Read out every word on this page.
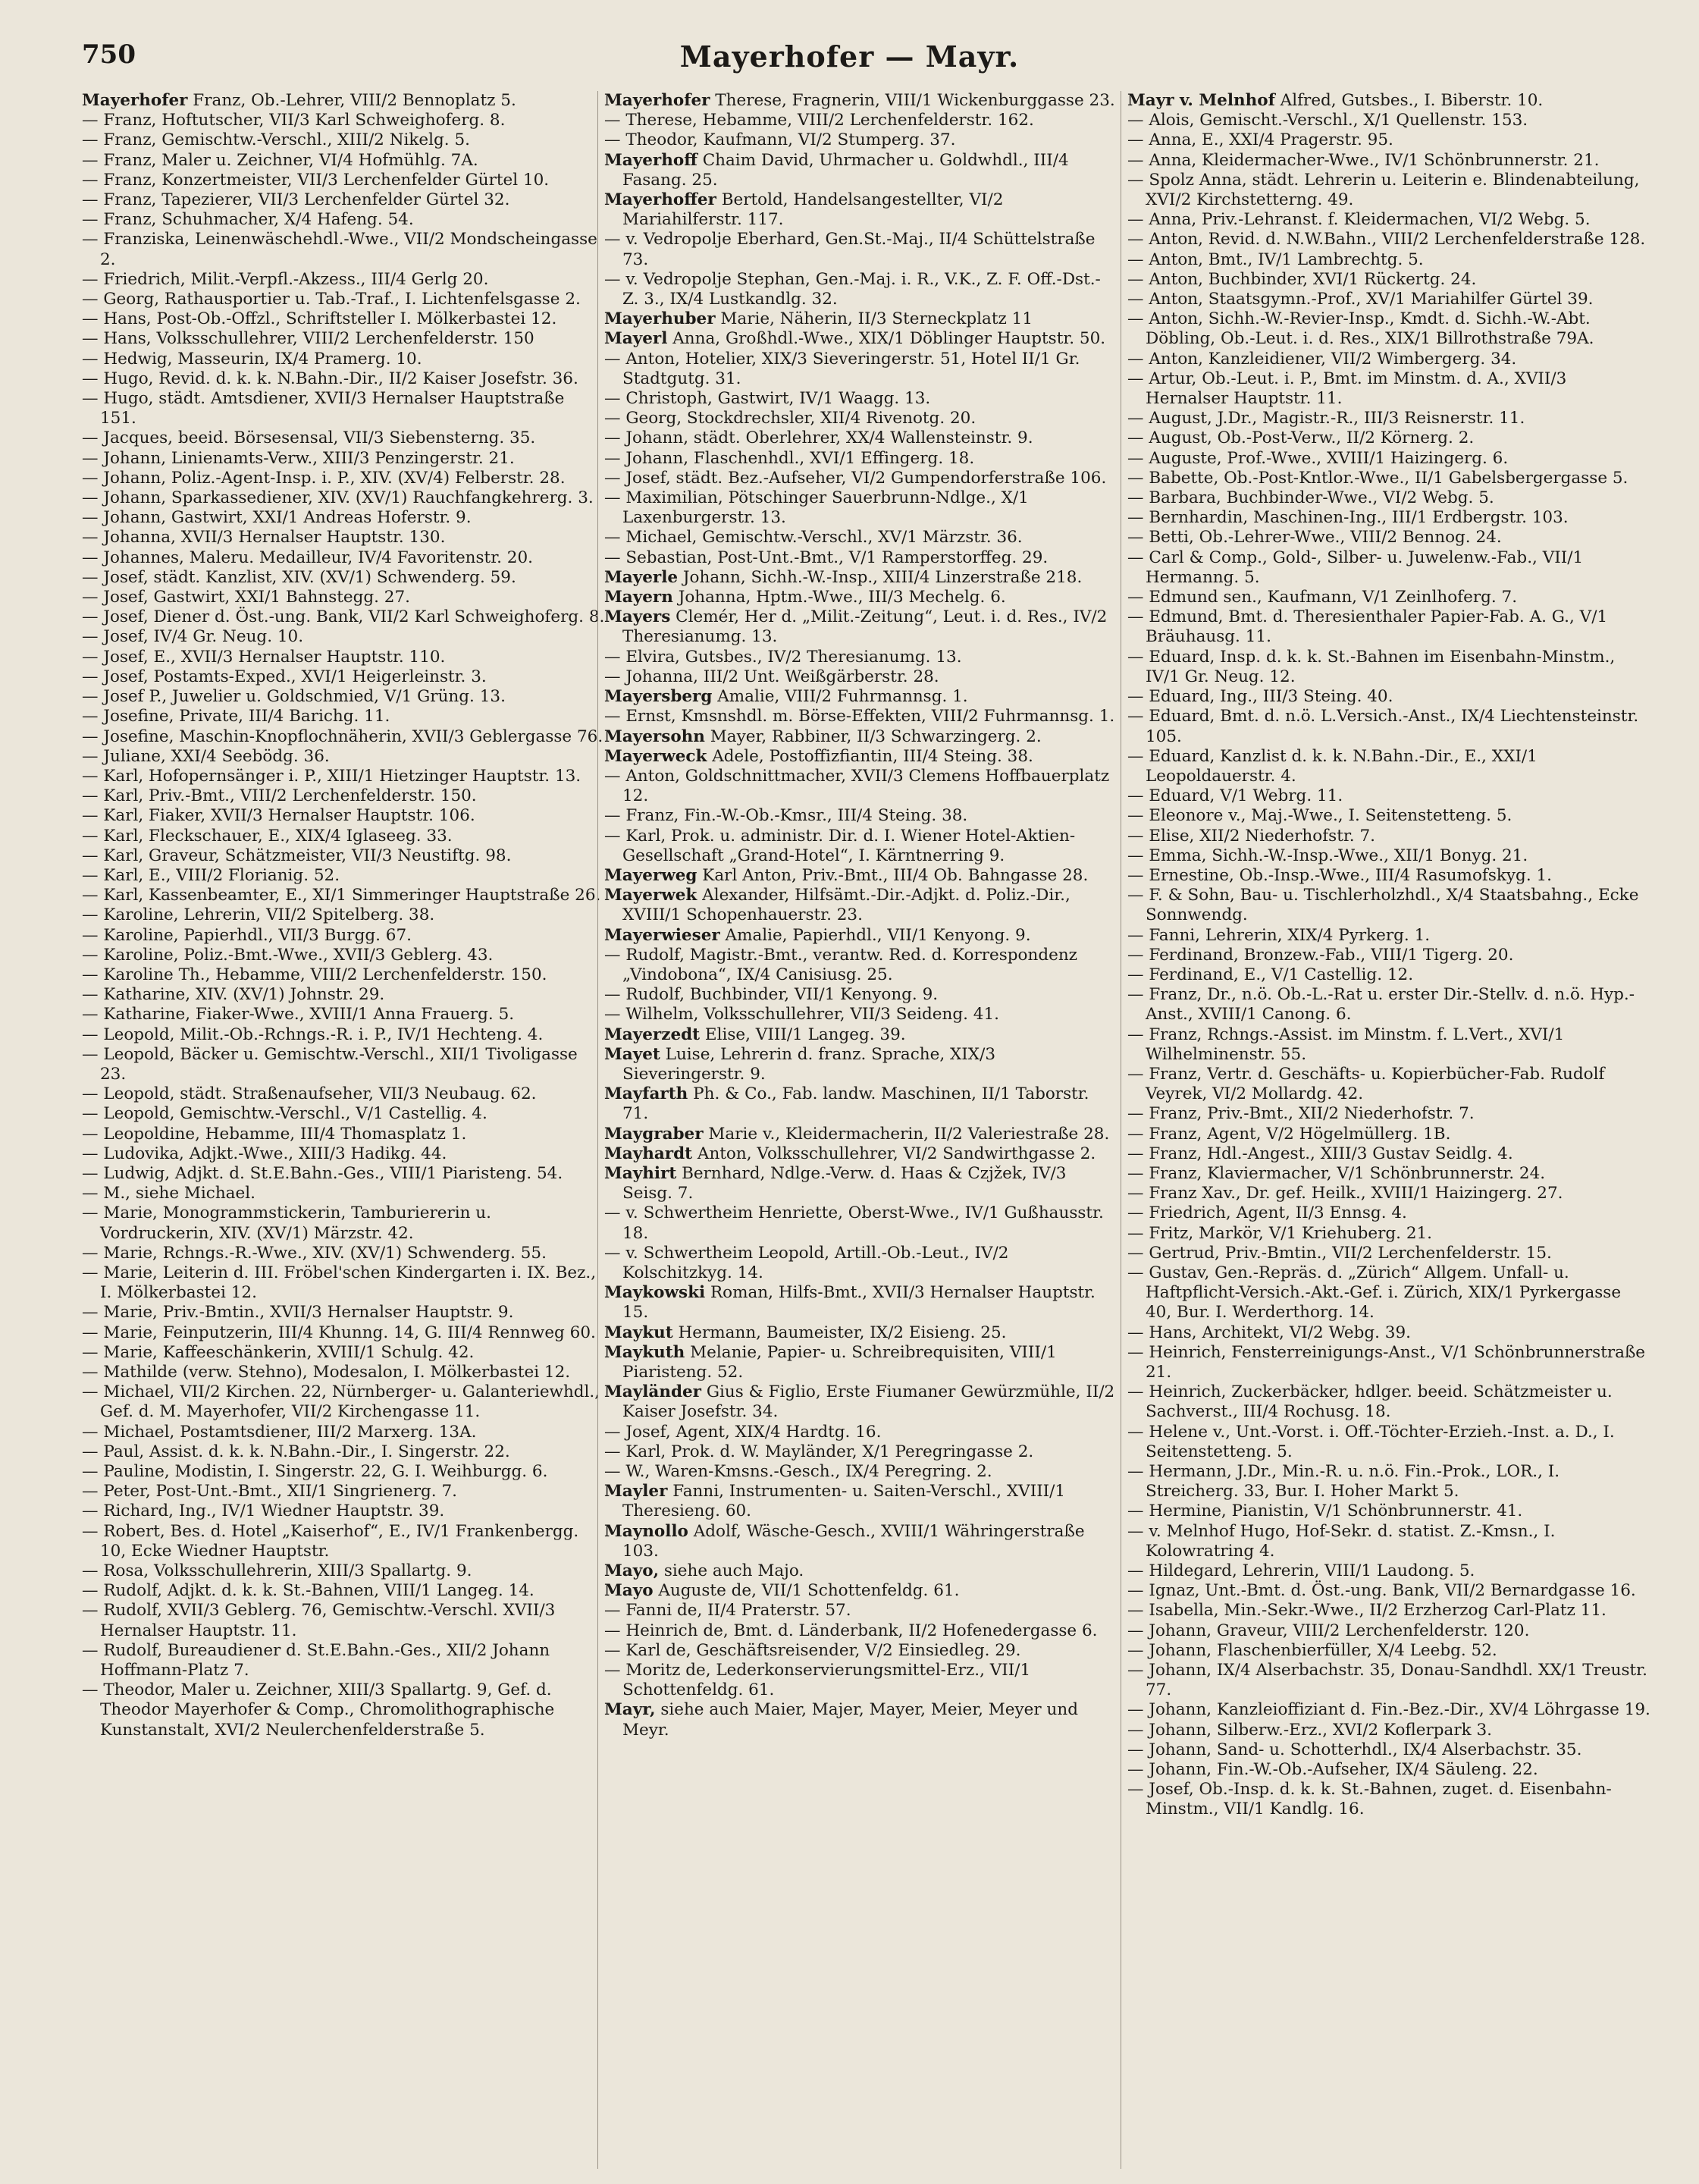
750	Mayerhofer — Mayr.
Mayerhofer Franz, Ob.-Lehrer, VIII/2 Bennoplatz 5.
— Franz, Hoftutscher, VII/3 Karl Schweighoferg. 8.
— Franz, Gemischtw.-Verschl., XIII/2 Nikelg. 5.
— Franz, Maler u. Zeichner, VI/4 Hofmühlg. 7A.
— Franz, Konzertmeister, VII/3 Lerchenfelder Gürtel 10.
— Franz, Tapezierer, VII/3 Lerchenfelder Gürtel 32.
— Franz, Schuhmacher, X/4 Hafeng. 54.
— Franziska, Leinenwäschehdl.-Wwe., VII/2 Mondscheingasse 2.
— Friedrich, Milit.-Verpfl.-Akzess., III/4 Gerlg 20.
— Georg, Rathausportier u. Tab.-Traf., I. Lichtenfelsgasse 2.
— Hans, Post-Ob.-Offzl., Schriftsteller I. Mölkerbastei 12.
— Hans, Volksschullehrer, VIII/2 Lerchenfelderstr. 150
— Hedwig, Masseurin, IX/4 Pramerg. 10.
— Hugo, Revid. d. k. k. N.Bahn.-Dir., II/2 Kaiser Josefstr. 36.
— Hugo, städt. Amtsdiener, XVII/3 Hernalser Hauptstraße 151.
— Jacques, beeid. Börsesensal, VII/3 Siebensterng. 35.
— Johann, Linienamts-Verw., XIII/3 Penzingerstr. 21.
— Johann, Poliz.-Agent-Insp. i. P., XIV. (XV/4) Felberstr. 28.
— Johann, Sparkassediener, XIV. (XV/1) Rauchfangkehrerg. 3.
— Johann, Gastwirt, XXI/1 Andreas Hoferstr. 9.
— Johanna, XVII/3 Hernalser Hauptstr. 130.
— Johannes, Maleru. Medailleur, IV/4 Favoritenstr. 20.
— Josef, städt. Kanzlist, XIV. (XV/1) Schwenderg. 59.
— Josef, Gastwirt, XXI/1 Bahnstegg. 27.
— Josef, Diener d. Öst.-ung. Bank, VII/2 Karl Schweighoferg. 8.
— Josef, IV/4 Gr. Neug. 10.
— Josef, E., XVII/3 Hernalser Hauptstr. 110.
— Josef, Postamts-Exped., XVI/1 Heigerleinstr. 3.
— Josef P., Juwelier u. Goldschmied, V/1 Grüng. 13.
— Josefine, Private, III/4 Barichg. 11.
— Josefine, Maschin-Knopflochnäherin, XVII/3 Geblergasse 76.
— Juliane, XXI/4 Seebödg. 36.
— Karl, Hofopernsänger i. P., XIII/1 Hietzinger Hauptstr. 13.
— Karl, Priv.-Bmt., VIII/2 Lerchenfelderstr. 150.
— Karl, Fiaker, XVII/3 Hernalser Hauptstr. 106.
— Karl, Fleckschauer, E., XIX/4 Iglaseeg. 33.
— Karl, Graveur, Schätzmeister, VII/3 Neustiftg. 98.
— Karl, E., VIII/2 Florianig. 52.
— Karl, Kassenbeamter, E., XI/1 Simmeringer Hauptstraße 26.
— Karoline, Lehrerin, VII/2 Spitelberg. 38.
— Karoline, Papierhdl., VII/3 Burgg. 67.
— Karoline, Poliz.-Bmt.-Wwe., XVII/3 Geblerg. 43.
— Karoline Th., Hebamme, VIII/2 Lerchenfelderstr. 150.
— Katharine, XIV. (XV/1) Johnstr. 29.
— Katharine, Fiaker-Wwe., XVIII/1 Anna Frauerg. 5.
— Leopold, Milit.-Ob.-Rchngs.-R. i. P., IV/1 Hechteng. 4.
— Leopold, Bäcker u. Gemischtw.-Verschl., XII/1 Tivoligasse 23.
— Leopold, städt. Straßenaufseher, VII/3 Neubaug. 62.
— Leopold, Gemischtw.-Verschl., V/1 Castellig. 4.
— Leopoldine, Hebamme, III/4 Thomasplatz 1.
— Ludovika, Adjkt.-Wwe., XIII/3 Hadikg. 44.
— Ludwig, Adjkt. d. St.E.Bahn.-Ges., VIII/1 Piaristeng. 54.
— M., siehe Michael.
— Marie, Monogrammstickerin, Tamburiererin u. Vordruckerin, XIV. (XV/1) Märzstr. 42.
— Marie, Rchngs.-R.-Wwe., XIV. (XV/1) Schwenderg. 55.
— Marie, Leiterin d. III. Fröbel'schen Kindergarten i. IX. Bez., I. Mölkerbastei 12.
— Marie, Priv.-Bmtin., XVII/3 Hernalser Hauptstr. 9.
— Marie, Feinputzerin, III/4 Khunng. 14, G. III/4 Rennweg 60.
— Marie, Kaffeeschänkerin, XVIII/1 Schulg. 42.
— Mathilde (verw. Stehno), Modesalon, I. Mölkerbastei 12.
— Michael, VII/2 Kirchen. 22, Nürnberger- u. Galanteriewhdl., Gef. d. M. Mayerhofer, VII/2 Kirchengasse 11.
— Michael, Postamtsdiener, III/2 Marxerg. 13A.
— Paul, Assist. d. k. k. N.Bahn.-Dir., I. Singerstr. 22.
— Pauline, Modistin, I. Singerstr. 22, G. I. Weihburgg. 6.
— Peter, Post-Unt.-Bmt., XII/1 Singrienerg. 7.
— Richard, Ing., IV/1 Wiedner Hauptstr. 39.
— Robert, Bes. d. Hotel „Kaiserhof“, E., IV/1 Frankenbergg. 10, Ecke Wiedner Hauptstr.
— Rosa, Volksschullehrerin, XIII/3 Spallartg. 9.
— Rudolf, Adjkt. d. k. k. St.-Bahnen, VIII/1 Langeg. 14.
— Rudolf, XVII/3 Geblerg. 76, Gemischtw.-Verschl. XVII/3 Hernalser Hauptstr. 11.
— Rudolf, Bureaudiener d. St.E.Bahn.-Ges., XII/2 Johann Hoffmann-Platz 7.
— Theodor, Maler u. Zeichner, XIII/3 Spallartg. 9, Gef. d. Theodor Mayerhofer & Comp., Chromolithographische Kunstanstalt, XVI/2 Neulerchenfelderstraße 5.
Mayerhofer Therese, Fragnerin, VIII/1 Wickenburggasse 23.
— Therese, Hebamme, VIII/2 Lerchenfelderstr. 162.
— Theodor, Kaufmann, VI/2 Stumperg. 37.
Mayerhoff Chaim David, Uhrmacher u. Goldwhdl., III/4 Fasang. 25.
Mayerhoffer Bertold, Handelsangestellter, VI/2 Mariahilferstr. 117.
— v. Vedropolje Eberhard, Gen.St.-Maj., II/4 Schüttelstraße 73.
— v. Vedropolje Stephan, Gen.-Maj. i. R., V.K., Z. F. Off.-Dst.-Z. 3., IX/4 Lustkandlg. 32.
Mayerhuber Marie, Näherin, II/3 Sterneckplatz 11
Mayerl Anna, Großhdl.-Wwe., XIX/1 Döblinger Hauptstr. 50.
— Anton, Hotelier, XIX/3 Sieveringerstr. 51, Hotel II/1 Gr. Stadtgutg. 31.
— Christoph, Gastwirt, IV/1 Waagg. 13.
— Georg, Stockdrechsler, XII/4 Rivenotg. 20.
— Johann, städt. Oberlehrer, XX/4 Wallensteinstr. 9.
— Johann, Flaschenhdl., XVI/1 Effingerg. 18.
— Josef, städt. Bez.-Aufseher, VI/2 Gumpendorferstraße 106.
— Maximilian, Pötschinger Sauerbrunn-Ndlge., X/1 Laxenburgerstr. 13.
— Michael, Gemischtw.-Verschl., XV/1 Märzstr. 36.
— Sebastian, Post-Unt.-Bmt., V/1 Ramperstorffeg. 29.
Mayerle Johann, Sichh.-W.-Insp., XIII/4 Linzerstraße 218.
Mayern Johanna, Hptm.-Wwe., III/3 Mechelg. 6.
Mayers Clemér, Her d. „Milit.-Zeitung“, Leut. i. d. Res., IV/2 Theresianumg. 13.
— Elvira, Gutsbes., IV/2 Theresianumg. 13.
— Johanna, III/2 Unt. Weißgärberstr. 28.
Mayersberg Amalie, VIII/2 Fuhrmannsg. 1.
— Ernst, Kmsnshdl. m. Börse-Effekten, VIII/2 Fuhrmannsg. 1.
Mayersohn Mayer, Rabbiner, II/3 Schwarzingerg. 2.
Mayerweck Adele, Postoffizfiantin, III/4 Steing. 38.
— Anton, Goldschnittmacher, XVII/3 Clemens Hoffbauerplatz 12.
— Franz, Fin.-W.-Ob.-Kmsr., III/4 Steing. 38.
— Karl, Prok. u. administr. Dir. d. I. Wiener Hotel-Aktien-Gesellschaft „Grand-Hotel“, I. Kärntnerring 9.
Mayerweg Karl Anton, Priv.-Bmt., III/4 Ob. Bahngasse 28.
Mayerwek Alexander, Hilfsämt.-Dir.-Adjkt. d. Poliz.-Dir., XVIII/1 Schopenhauerstr. 23.
Mayerwieser Amalie, Papierhdl., VII/1 Kenyong. 9.
— Rudolf, Magistr.-Bmt., verantw. Red. d. Korrespondenz „Vindobona“, IX/4 Canisiusg. 25.
— Rudolf, Buchbinder, VII/1 Kenyong. 9.
— Wilhelm, Volksschullehrer, VII/3 Seideng. 41.
Mayerzedt Elise, VIII/1 Langeg. 39.
Mayet Luise, Lehrerin d. franz. Sprache, XIX/3 Sieveringerstr. 9.
Mayfarth Ph. & Co., Fab. landw. Maschinen, II/1 Taborstr. 71.
Maygraber Marie v., Kleidermacherin, II/2 Valeriestraße 28.
Mayhardt Anton, Volksschullehrer, VI/2 Sandwirthgasse 2.
Mayhirt Bernhard, Ndlge.-Verw. d. Haas & Czjžek, IV/3 Seisg. 7.
— v. Schwertheim Henriette, Oberst-Wwe., IV/1 Gußhausstr. 18.
— v. Schwertheim Leopold, Artill.-Ob.-Leut., IV/2 Kolschitzkyg. 14.
Maykowski Roman, Hilfs-Bmt., XVII/3 Hernalser Hauptstr. 15.
Maykut Hermann, Baumeister, IX/2 Eisieng. 25.
Maykuth Melanie, Papier- u. Schreibrequisiten, VIII/1 Piaristeng. 52.
Mayländer Gius & Figlio, Erste Fiumaner Gewürzmühle, II/2 Kaiser Josefstr. 34.
— Josef, Agent, XIX/4 Hardtg. 16.
— Karl, Prok. d. W. Mayländer, X/1 Peregringasse 2.
— W., Waren-Kmsns.-Gesch., IX/4 Peregring. 2.
Mayler Fanni, Instrumenten- u. Saiten-Verschl., XVIII/1 Theresieng. 60.
Maynollo Adolf, Wäsche-Gesch., XVIII/1 Währingerstraße 103.
Mayo, siehe auch Majo.
Mayo Auguste de, VII/1 Schottenfeldg. 61.
— Fanni de, II/4 Praterstr. 57.
— Heinrich de, Bmt. d. Länderbank, II/2 Hofenedergasse 6.
— Karl de, Geschäftsreisender, V/2 Einsiedleg. 29.
— Moritz de, Lederkonservierungsmittel-Erz., VII/1 Schottenfeldg. 61.
Mayr, siehe auch Maier, Majer, Mayer, Meier, Meyer und Meyr.
Mayr v. Melnhof Alfred, Gutsbes., I. Biberstr. 10.
— Alois, Gemischt.-Verschl., X/1 Quellenstr. 153.
— Anna, E., XXI/4 Pragerstr. 95.
— Anna, Kleidermacher-Wwe., IV/1 Schönbrunnerstr. 21.
— Spolz Anna, städt. Lehrerin u. Leiterin e. Blindenabteilung, XVI/2 Kirchstetterng. 49.
— Anna, Priv.-Lehranst. f. Kleidermachen, VI/2 Webg. 5.
— Anton, Revid. d. N.W.Bahn., VIII/2 Lerchenfelderstraße 128.
— Anton, Bmt., IV/1 Lambrechtg. 5.
— Anton, Buchbinder, XVI/1 Rückertg. 24.
— Anton, Staatsgymn.-Prof., XV/1 Mariahilfer Gürtel 39.
— Anton, Sichh.-W.-Revier-Insp., Kmdt. d. Sichh.-W.-Abt. Döbling, Ob.-Leut. i. d. Res., XIX/1 Billrothstraße 79A.
— Anton, Kanzleidiener, VII/2 Wimbergerg. 34.
— Artur, Ob.-Leut. i. P., Bmt. im Minstm. d. A., XVII/3 Hernalser Hauptstr. 11.
— August, J.Dr., Magistr.-R., III/3 Reisnerstr. 11.
— August, Ob.-Post-Verw., II/2 Körnerg. 2.
— Auguste, Prof.-Wwe., XVIII/1 Haizingerg. 6.
— Babette, Ob.-Post-Kntlor.-Wwe., II/1 Gabelsbergergasse 5.
— Barbara, Buchbinder-Wwe., VI/2 Webg. 5.
— Bernhardin, Maschinen-Ing., III/1 Erdbergstr. 103.
— Betti, Ob.-Lehrer-Wwe., VIII/2 Bennog. 24.
— Carl & Comp., Gold-, Silber- u. Juwelenw.-Fab., VII/1 Hermanng. 5.
— Edmund sen., Kaufmann, V/1 Zeinlhoferg. 7.
— Edmund, Bmt. d. Theresienthaler Papier-Fab. A. G., V/1 Bräuhausg. 11.
— Eduard, Insp. d. k. k. St.-Bahnen im Eisenbahn-Minstm., IV/1 Gr. Neug. 12.
— Eduard, Ing., III/3 Steing. 40.
— Eduard, Bmt. d. n.ö. L.Versich.-Anst., IX/4 Liechtensteinstr. 105.
— Eduard, Kanzlist d. k. k. N.Bahn.-Dir., E., XXI/1 Leopoldauerstr. 4.
— Eduard, V/1 Webrg. 11.
— Eleonore v., Maj.-Wwe., I. Seitenstetteng. 5.
— Elise, XII/2 Niederhofstr. 7.
— Emma, Sichh.-W.-Insp.-Wwe., XII/1 Bonyg. 21.
— Ernestine, Ob.-Insp.-Wwe., III/4 Rasumofskyg. 1.
— F. & Sohn, Bau- u. Tischlerholzhdl., X/4 Staatsbahng., Ecke Sonnwendg.
— Fanni, Lehrerin, XIX/4 Pyrkerg. 1.
— Ferdinand, Bronzew.-Fab., VIII/1 Tigerg. 20.
— Ferdinand, E., V/1 Castellig. 12.
— Franz, Dr., n.ö. Ob.-L.-Rat u. erster Dir.-Stellv. d. n.ö. Hyp.-Anst., XVIII/1 Canong. 6.
— Franz, Rchngs.-Assist. im Minstm. f. L.Vert., XVI/1 Wilhelminenstr. 55.
— Franz, Vertr. d. Geschäfts- u. Kopierbücher-Fab. Rudolf Veyrek, VI/2 Mollardg. 42.
— Franz, Priv.-Bmt., XII/2 Niederhofstr. 7.
— Franz, Agent, V/2 Högelmüllerg. 1B.
— Franz, Hdl.-Angest., XIII/3 Gustav Seidlg. 4.
— Franz, Klaviermacher, V/1 Schönbrunnerstr. 24.
— Franz Xav., Dr. gef. Heilk., XVIII/1 Haizingerg. 27.
— Friedrich, Agent, II/3 Ennsg. 4.
— Fritz, Markör, V/1 Kriehuberg. 21.
— Gertrud, Priv.-Bmtin., VII/2 Lerchenfelderstr. 15.
— Gustav, Gen.-Repräs. d. „Zürich“ Allgem. Unfall- u. Haftpflicht-Versich.-Akt.-Gef. i. Zürich, XIX/1 Pyrkergasse 40, Bur. I. Werderthorg. 14.
— Hans, Architekt, VI/2 Webg. 39.
— Heinrich, Fensterreinigungs-Anst., V/1 Schönbrunnerstraße 21.
— Heinrich, Zuckerbäcker, hdlger. beeid. Schätzmeister u. Sachverst., III/4 Rochusg. 18.
— Helene v., Unt.-Vorst. i. Off.-Töchter-Erzieh.-Inst. a. D., I. Seitenstetteng. 5.
— Hermann, J.Dr., Min.-R. u. n.ö. Fin.-Prok., LOR., I. Streicherg. 33, Bur. I. Hoher Markt 5.
— Hermine, Pianistin, V/1 Schönbrunnerstr. 41.
— v. Melnhof Hugo, Hof-Sekr. d. statist. Z.-Kmsn., I. Kolowratring 4.
— Hildegard, Lehrerin, VIII/1 Laudong. 5.
— Ignaz, Unt.-Bmt. d. Öst.-ung. Bank, VII/2 Bernardgasse 16.
— Isabella, Min.-Sekr.-Wwe., II/2 Erzherzog Carl-Platz 11.
— Johann, Graveur, VIII/2 Lerchenfelderstr. 120.
— Johann, Flaschenbierfüller, X/4 Leebg. 52.
— Johann, IX/4 Alserbachstr. 35, Donau-Sandhdl. XX/1 Treustr. 77.
— Johann, Kanzleioffiziant d. Fin.-Bez.-Dir., XV/4 Löhrgasse 19.
— Johann, Silberw.-Erz., XVI/2 Koflerpark 3.
— Johann, Sand- u. Schotterhdl., IX/4 Alserbachstr. 35.
— Johann, Fin.-W.-Ob.-Aufseher, IX/4 Säuleng. 22.
— Josef, Ob.-Insp. d. k. k. St.-Bahnen, zuget. d. Eisenbahn-Minstm., VII/1 Kandlg. 16.
